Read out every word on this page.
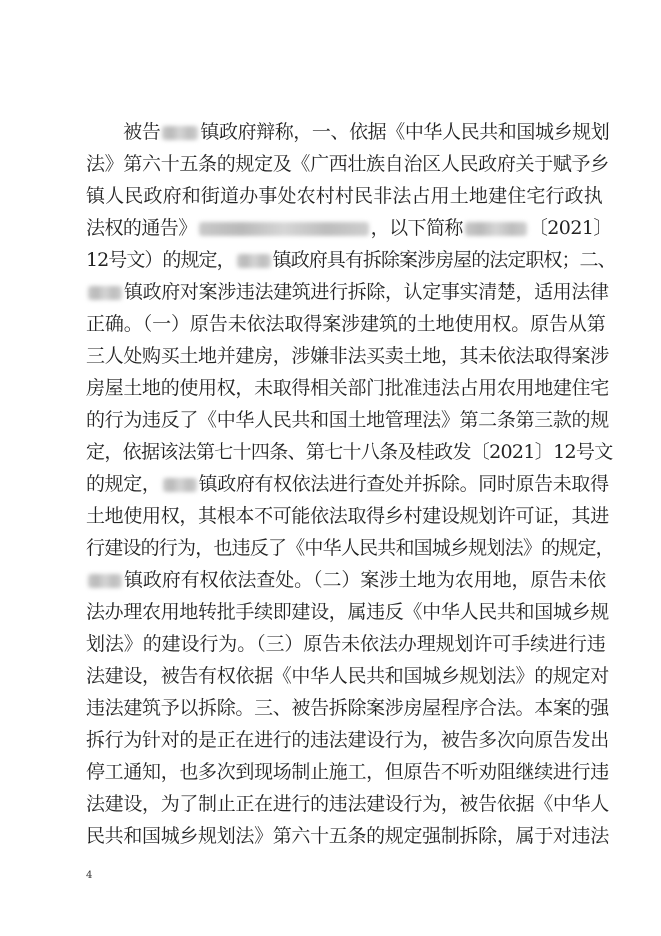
　　被告 镇政府辩称，一、依据《中华人民共和国城乡规划
法》第六十五条的规定及《广西壮族自治区人民政府关于赋予乡
镇人民政府和街道办事处农村村民非法占用土地建住宅行政执
法权的通告》	，以下简称	〔2021〕
12号文）的规定， 镇政府具有拆除案涉房屋的法定职权；二、
镇政府对案涉违法建筑进行拆除，认定事实清楚，适用法律
正确。（一）原告未依法取得案涉建筑的土地使用权。原告从第
三人处购买土地并建房，涉嫌非法买卖土地，其未依法取得案涉
房屋土地的使用权，未取得相关部门批准违法占用农用地建住宅
的行为违反了《中华人民共和国土地管理法》第二条第三款的规
定，依据该法第七十四条、第七十八条及桂政发〔2021〕12号文
的规定， 镇政府有权依法进行查处并拆除。同时原告未取得
土地使用权，其根本不可能依法取得乡村建设规划许可证，其进
行建设的行为，也违反了《中华人民共和国城乡规划法》的规定，
镇政府有权依法查处。（二）案涉土地为农用地，原告未依
法办理农用地转批手续即建设，属违反《中华人民共和国城乡规
划法》的建设行为。（三）原告未依法办理规划许可手续进行违
法建设，被告有权依据《中华人民共和国城乡规划法》的规定对
违法建筑予以拆除。三、被告拆除案涉房屋程序合法。本案的强
拆行为针对的是正在进行的违法建设行为，被告多次向原告发出
停工通知，也多次到现场制止施工，但原告不听劝阻继续进行违
法建设，为了制止正在进行的违法建设行为，被告依据《中华人
民共和国城乡规划法》第六十五条的规定强制拆除，属于对违法
4
